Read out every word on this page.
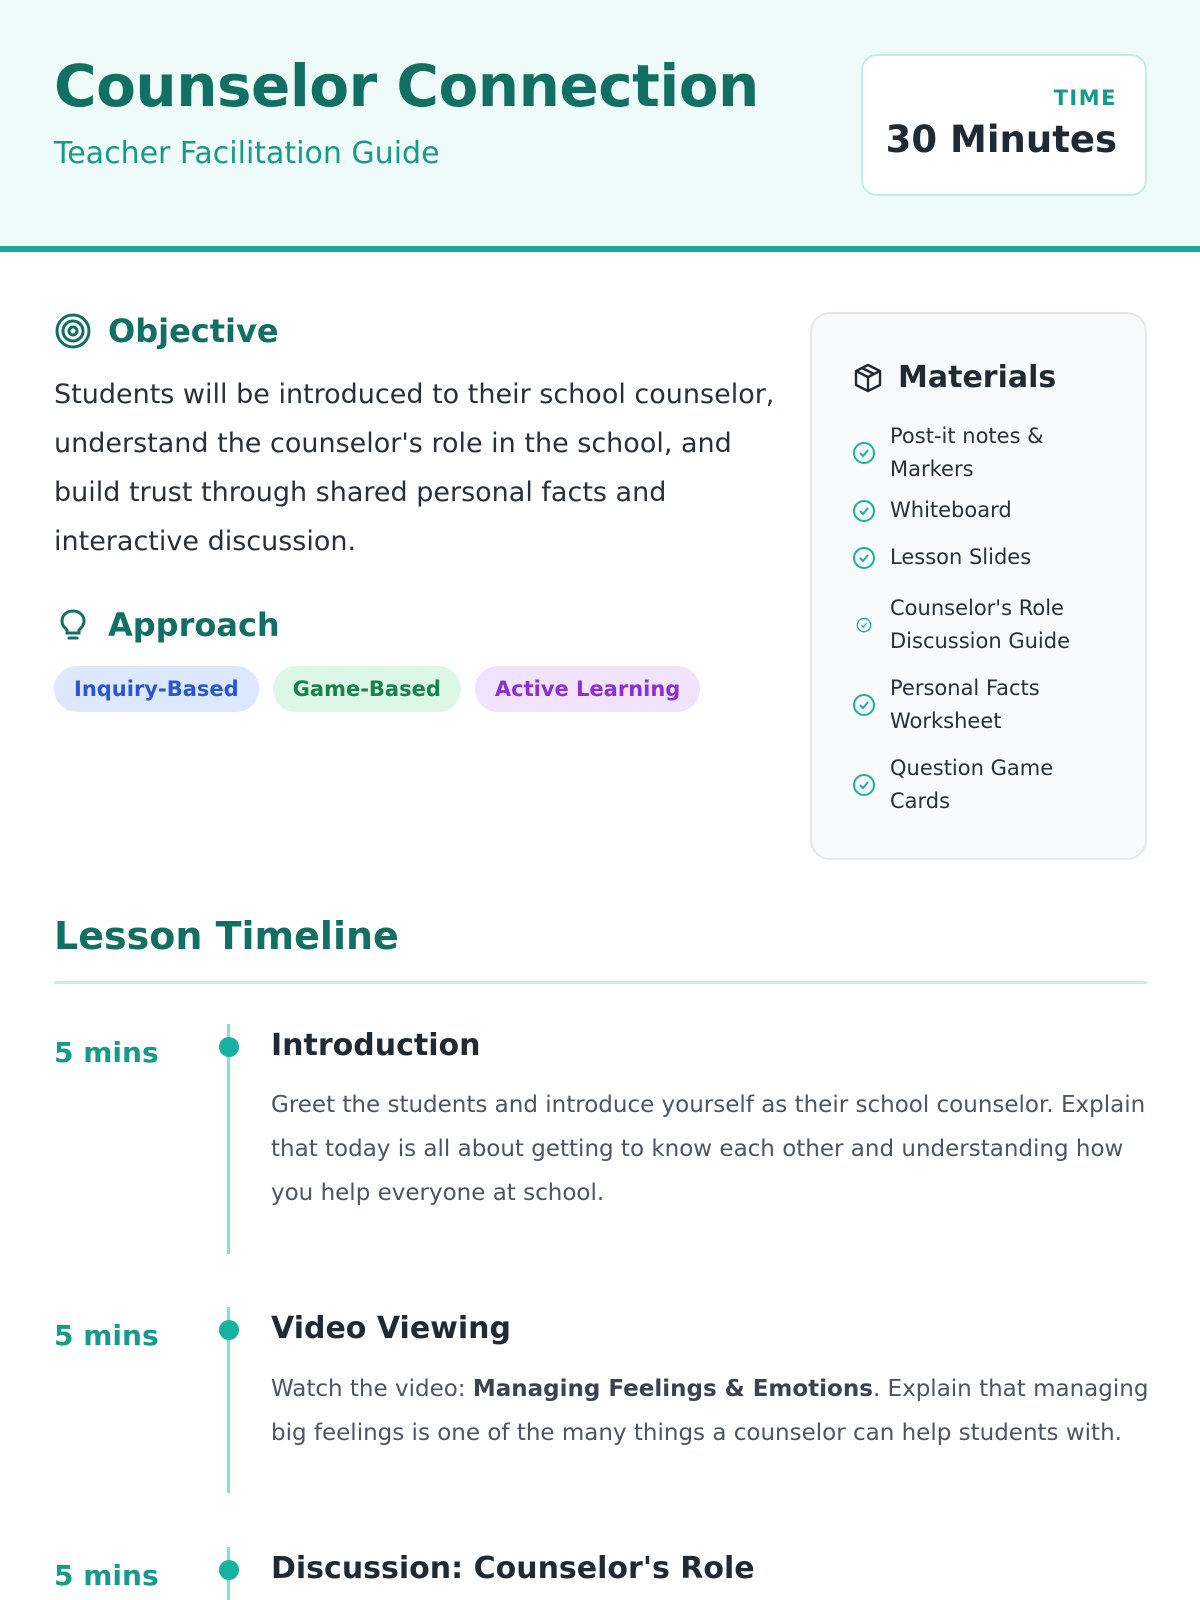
Counselor Connection
Teacher Facilitation Guide
TIME
30 Minutes
Objective
Students will be introduced to their school counselor, understand the counselor's role in the school, and build trust through shared personal facts and interactive discussion.
Approach
Inquiry-Based	Game-Based	Active Learning
Materials
Post-it notes & Markers
Whiteboard
Lesson Slides
Counselor's Role Discussion Guide
Personal Facts Worksheet
Question Game Cards
Lesson Timeline
5 mins	Introduction
Greet the students and introduce yourself as their school counselor. Explain that today is all about getting to know each other and understanding how you help everyone at school.
5 mins	Video Viewing
Watch the video: Managing Feelings & Emotions. Explain that managing big feelings is one of the many things a counselor can help students with.
5 mins	Discussion: Counselor's Role
